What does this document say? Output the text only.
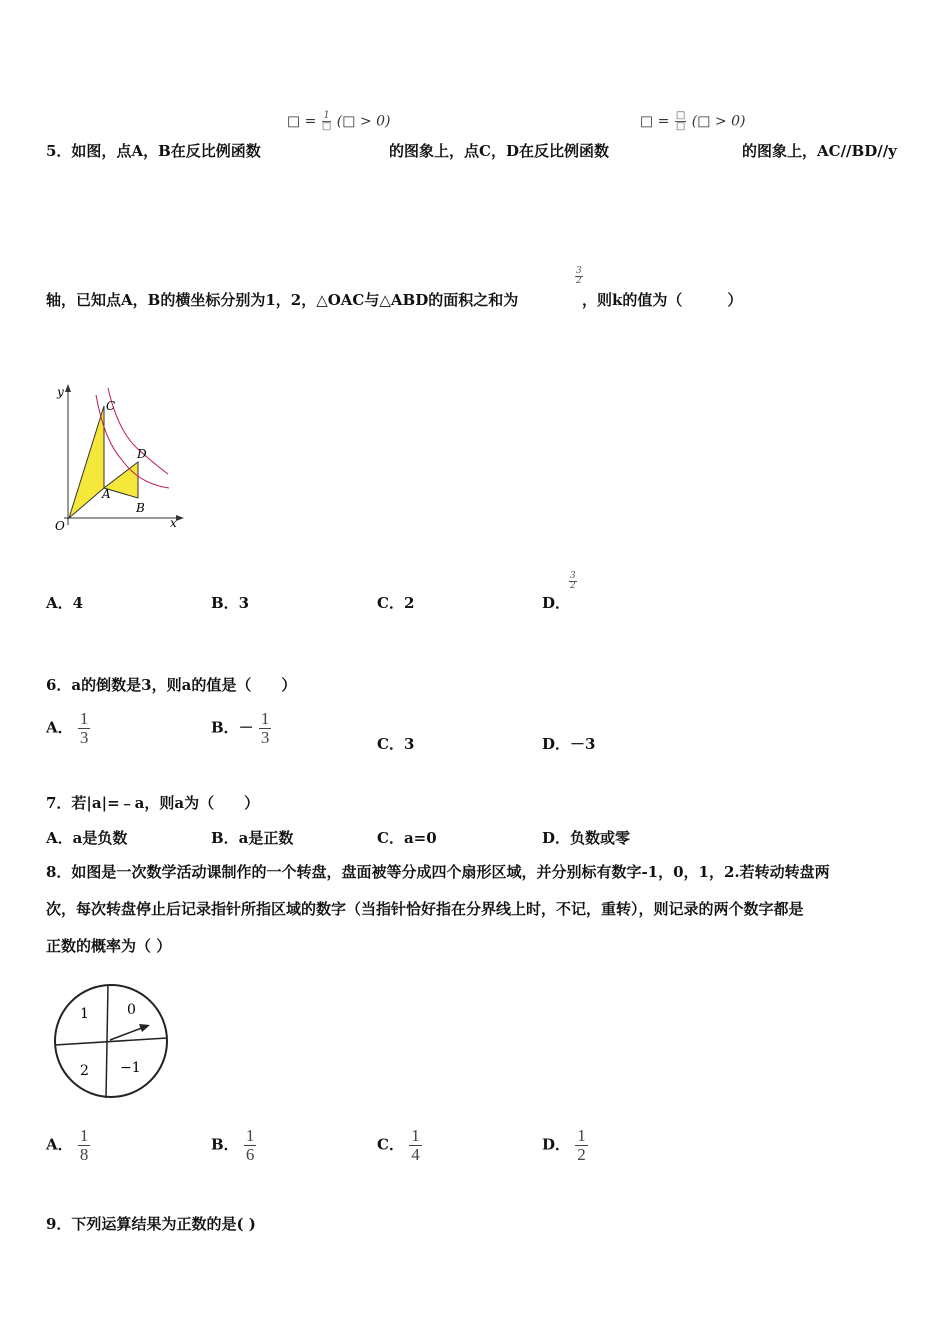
□ = $\frac{1}{□}$ (□ > 0)	□ = $\frac{□}{□}$ (□ > 0)
5．如图，点A，B在反比例函数	的图象上，点C，D在反比例函数	的图象上，AC//BD//y
$\frac{3}{2}$
轴，已知点A，B的横坐标分别为1，2，△OAC与△ABD的面积之和为	，则k的值为（　　　）
y
x
O
A
B
C
D
A．4	B．3	C．2	D．
$\frac{3}{2}$
6．a的倒数是3，则a的值是（　　）
A． $\frac{1}{3}$	B．－ $\frac{1}{3}$	C．3	D．－3
7．若|a|=﹣a，则a为（　　）
A．a是负数	B．a是正数	C．a=0	D．负数或零
8．如图是一次数学活动课制作的一个转盘，盘面被等分成四个扇形区域，并分别标有数字-1，0，1，2.若转动转盘两
次，每次转盘停止后记录指针所指区域的数字（当指针恰好指在分界线上时，不记，重转），则记录的两个数字都是
正数的概率为（ ）
1	0
2 −1
A． $\frac{1}{8}$	B． $\frac{1}{6}$	C． $\frac{1}{4}$	D． $\frac{1}{2}$
9．下列运算结果为正数的是( )
